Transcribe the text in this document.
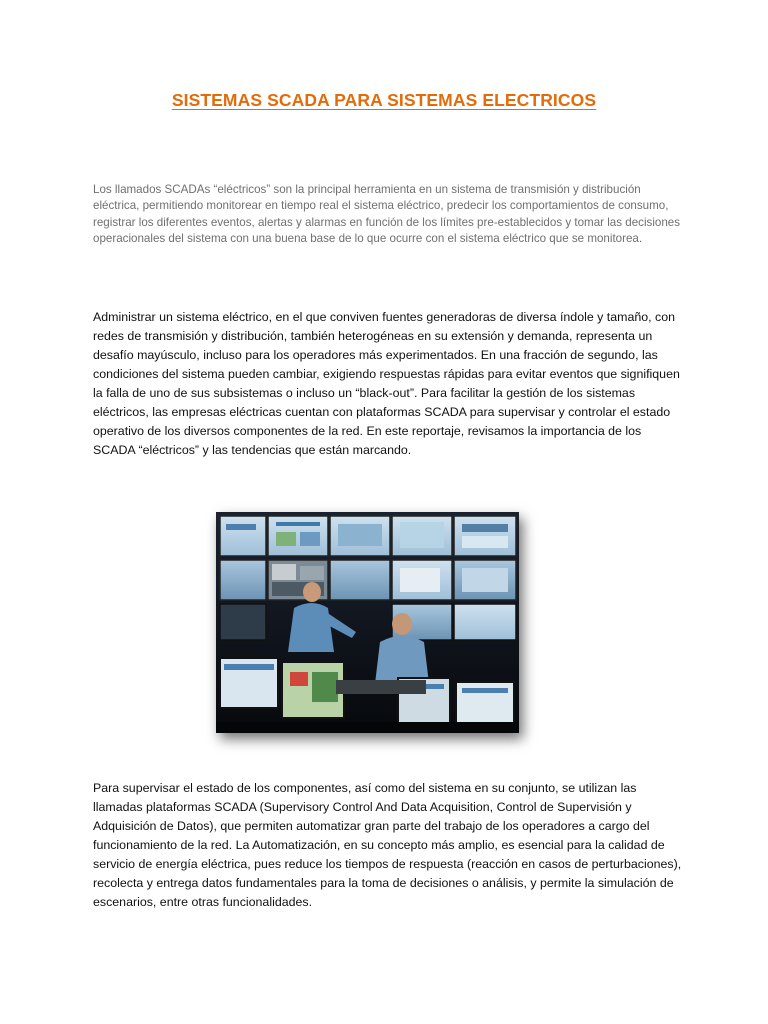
SISTEMAS SCADA PARA SISTEMAS ELECTRICOS

Los llamados SCADAs “eléctricos” son la principal herramienta en un sistema de transmisión y distribución eléctrica, permitiendo monitorear en tiempo real el sistema eléctrico, predecir los comportamientos de consumo, registrar los diferentes eventos, alertas y alarmas en función de los límites pre-establecidos y tomar las decisiones operacionales del sistema con una buena base de lo que ocurre con el sistema eléctrico que se monitorea.

Administrar un sistema eléctrico, en el que conviven fuentes generadoras de diversa índole y tamaño, con redes de transmisión y distribución, también heterogéneas en su extensión y demanda, representa un desafío mayúsculo, incluso para los operadores más experimentados. En una fracción de segundo, las condiciones del sistema pueden cambiar, exigiendo respuestas rápidas para evitar eventos que signifiquen la falla de uno de sus subsistemas o incluso un “black-out”. Para facilitar la gestión de los sistemas eléctricos, las empresas eléctricas cuentan con plataformas SCADA para supervisar y controlar el estado operativo de los diversos componentes de la red. En este reportaje, revisamos la importancia de los SCADA “eléctricos” y las tendencias que están marcando.

Para supervisar el estado de los componentes, así como del sistema en su conjunto, se utilizan las llamadas plataformas SCADA (Supervisory Control And Data Acquisition, Control de Supervisión y Adquisición de Datos), que permiten automatizar gran parte del trabajo de los operadores a cargo del funcionamiento de la red. La Automatización, en su concepto más amplio, es esencial para la calidad de servicio de energía eléctrica, pues reduce los tiempos de respuesta (reacción en casos de perturbaciones), recolecta y entrega datos fundamentales para la toma de decisiones o análisis, y permite la simulación de escenarios, entre otras funcionalidades.
